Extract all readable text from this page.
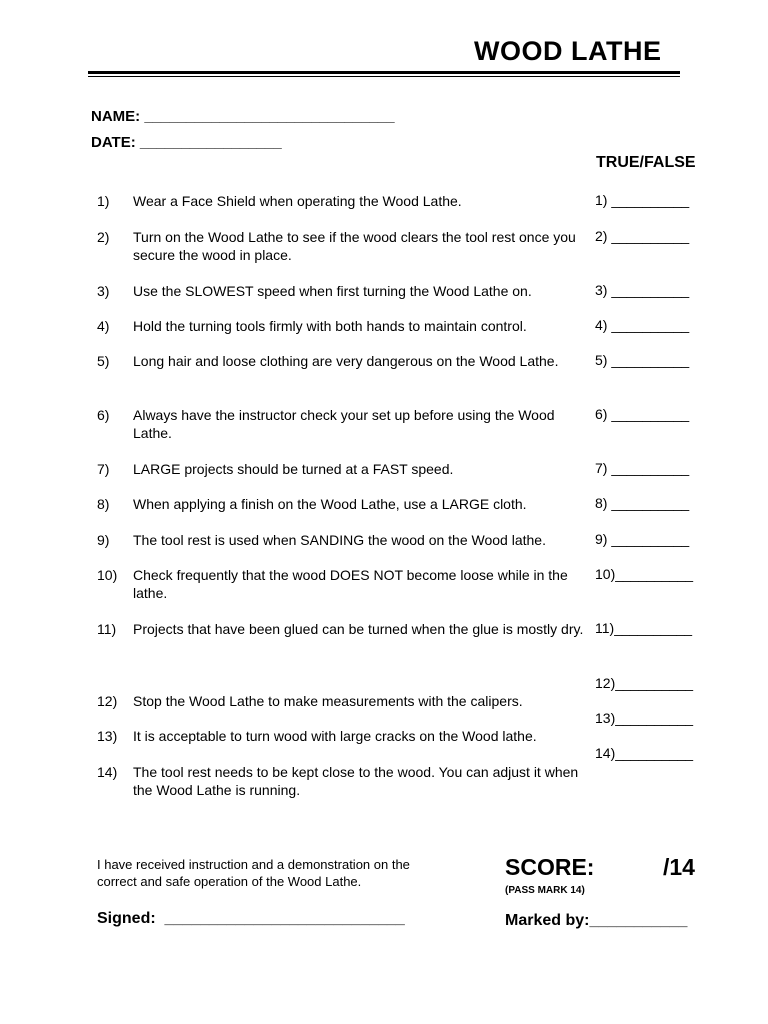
WOOD LATHE
NAME: ______________________________
DATE: _________________
TRUE/FALSE
1)	Wear a Face Shield when operating the Wood Lathe.	1) __________
2)	Turn on the Wood Lathe to see if the wood clears the tool rest once you secure the wood in place.
2) __________
3)	Use the SLOWEST speed when first turning the Wood Lathe on.	3) __________
4)	Hold the turning tools firmly with both hands to maintain control.	4) __________
5)	Long hair and loose clothing are very dangerous on the Wood Lathe.	5) __________
6)	Always have the instructor check your set up before using the Wood Lathe.
6) __________
7)	LARGE projects should be turned at a FAST speed.	7) __________
8)	When applying a finish on the Wood Lathe, use a LARGE cloth.	8) __________
9)	The tool rest is used when SANDING the wood on the Wood lathe.	9) __________
10)	Check frequently that the wood DOES NOT become loose while in the lathe.
10)__________
11)	Projects that have been glued can be turned when the glue is mostly dry. 11)__________
12)__________
12)	Stop the Wood Lathe to make measurements with the calipers.
13)__________
13)	It is acceptable to turn wood with large cracks on the Wood lathe.
14)__________
14)	The tool rest needs to be kept close to the wood. You can adjust it when the Wood Lathe is running.
I have received instruction and a demonstration on the correct and safe operation of the Wood Lathe.
SCORE:	/14
(PASS MARK 14)
Signed:  ___________________________	Marked by:___________
